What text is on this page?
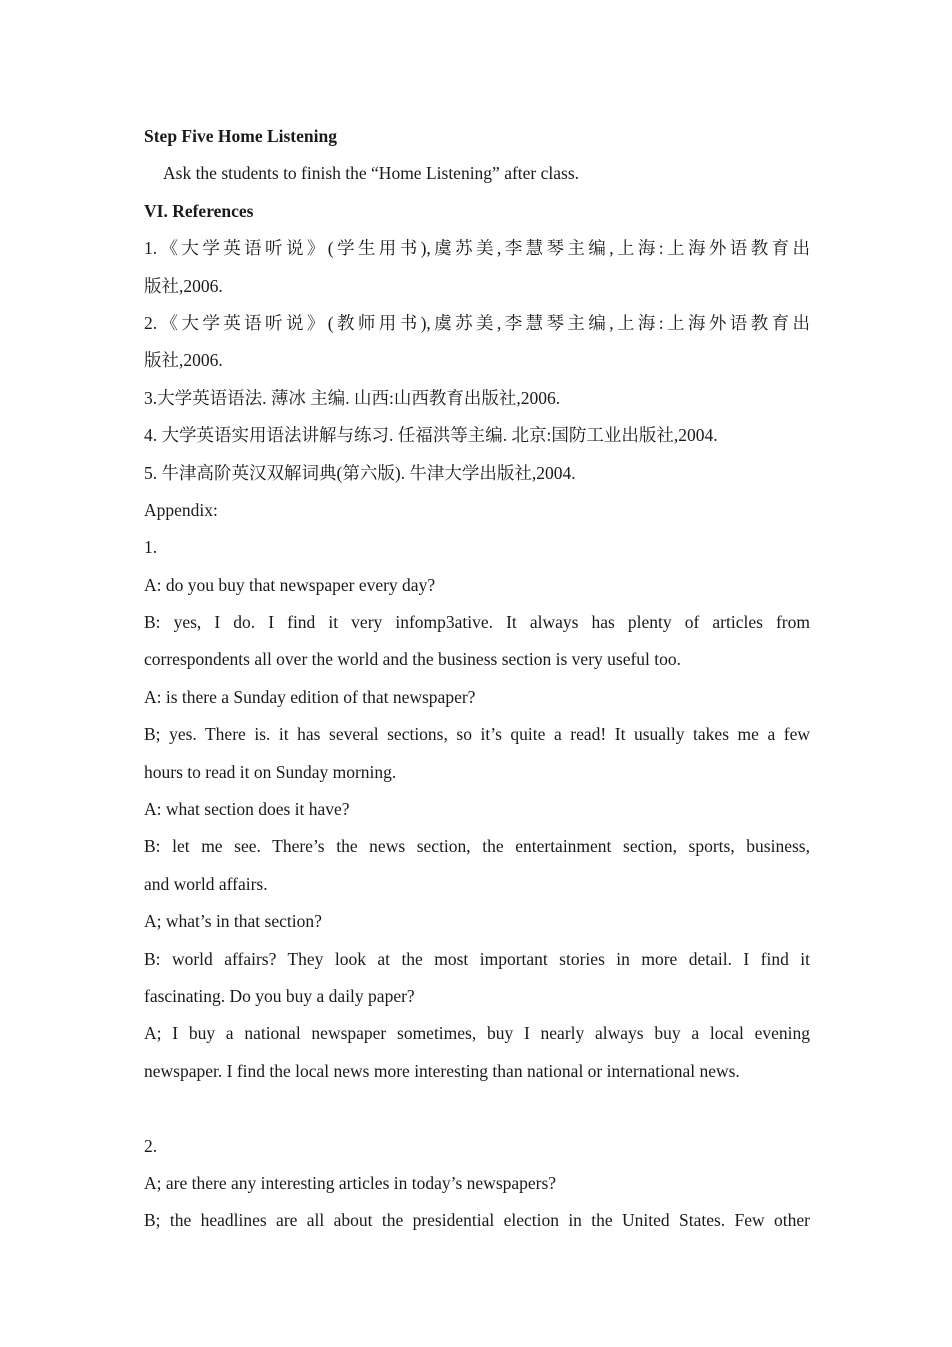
Step Five Home Listening
Ask the students to finish the “Home Listening” after class.
VI. References
1.《大学英语听说》(学生用书),虞苏美,李慧琴主编,上海:上海外语教育出
版社,2006.
2.《大学英语听说》(教师用书),虞苏美,李慧琴主编,上海:上海外语教育出
版社,2006.
3.大学英语语法. 薄冰 主编. 山西:山西教育出版社,2006.
4. 大学英语实用语法讲解与练习. 任福洪等主编. 北京:国防工业出版社,2004.
5. 牛津高阶英汉双解词典(第六版). 牛津大学出版社,2004.
Appendix:
1.
A: do you buy that newspaper every day?
B: yes, I do. I find it very infomp3ative. It always has plenty of articles from
correspondents all over the world and the business section is very useful too.
A: is there a Sunday edition of that newspaper?
B; yes. There is. it has several sections, so it’s quite a read! It usually takes me a few
hours to read it on Sunday morning.
A: what section does it have?
B: let me see. There’s the news section, the entertainment section, sports, business,
and world affairs.
A; what’s in that section?
B: world affairs? They look at the most important stories in more detail. I find it
fascinating. Do you buy a daily paper?
A; I buy a national newspaper sometimes, buy I nearly always buy a local evening
newspaper. I find the local news more interesting than national or international news.
2.
A; are there any interesting articles in today’s newspapers?
B; the headlines are all about the presidential election in the United States. Few other
